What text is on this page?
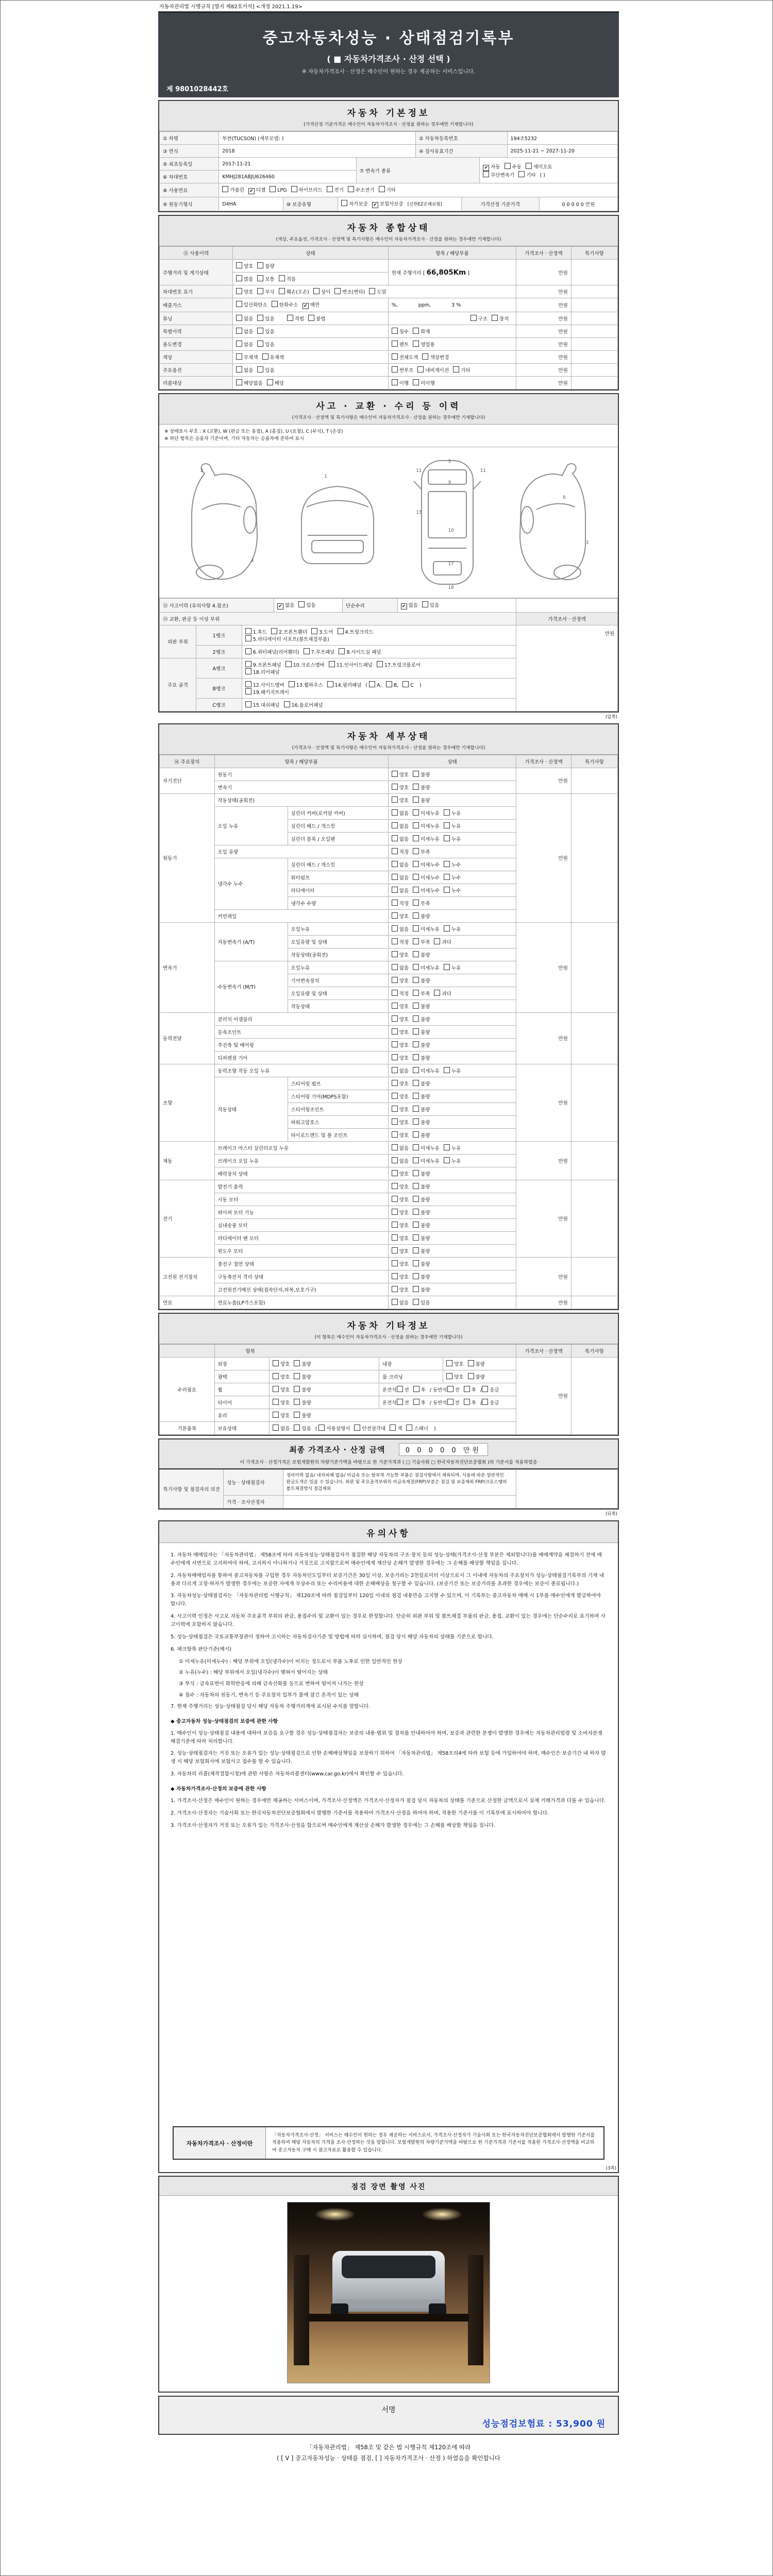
자동차관리법 시행규칙 [별지 제82호서식] <개정 2021.1.19>
중고자동차성능 · 상태점검기록부
( ■ 자동차가격조사 · 산정 선택 )
※ 자동차가격조사 · 산정은 매수인이 원하는 경우 제공하는 서비스입니다.
제 9801028442호
자동차 기본정보
(가격산정 기준가격은 매수인이 자동차가격조사 · 산정을 원하는 경우에만 기재합니다)
① 차명	투싼(TUCSON) (세부모델: )				② 자동차등록번호			194조5232	
③ 연식	2018				④ 검사유효기간			2025-11-21 ~ 2027-11-20	
⑤ 최초등록일	2017-11-21			⑦ 변속기 종류			✔ 자동 수동 세미오토
무단변속기 기타 ( )		
⑥ 차대번호	KMHJ281ABJU626460								
⑧ 사용연료	가솔린 ✔ 디젤 LPG 하이브리드 전기 수소전기 기타								
⑨ 원동기형식	D4HA	⑩ 보증유형	자가보증 ✔ 보험사보증 [신한EZ손해보험]			가격산정 기준가격			0 0 0 0 0 만원
자동차 종합상태
(색상, 주요옵션, 가격조사 · 산정액 및 특기사항은 매수인이 자동차가격조사 · 산정을 원하는 경우에만 기재합니다)
⑪ 사용이력	상태	항목 / 해당부품	가격조사 · 산정액	특기사항
주행거리 및 계기상태	양호 불량	현재 주행거리 [ 66,805Km ]	만원	
	많음 보통 적음			
차대번호 표기	양호 부식 훼손(오손) 상이 변조(변타) 도말		만원	
배출가스	일산화탄소 탄화수소 ✔ 매연	%, ppm, 3 %	만원	
튜닝	없음 있음 적법 불법	구조 장치	만원	
특별이력	없음 있음	침수 화재	만원	
용도변경	없음 있음	렌트 영업용	만원	
색상	무채색 유채색	전체도색 색상변경	만원	
주요옵션	없음 있음	썬루프 네비게이션 기타	만원	
리콜대상	해당없음 해당	이행 미이행	만원	
사고 · 교환 · 수리 등 이력
(가격조사 · 산정액 및 특기사항은 매수인이 자동차가격조사 · 산정을 원하는 경우에만 기재합니다)
※ 상태표시 부호 : X (교환), W (판금 또는 용접), A (흠집), U (요철), C (부식), T (손상)
※ 하단 항목은 승용차 기준이며, 기타 자동차는 승용차에 준하여 표시
2
4
1
11
5
11
9
13
10
17
18
6
3
⑫ 사고이력 (유의사항 4.참조)			✔ 없음 있음	단순수리	✔ 없음 있음	
⑬ 교환, 판금 등 이상 부위						가격조사 · 산정액
외판 부위	1랭크	1.후드 2.프론트휀더 3.도어 4.트렁크리드
5.라디에이터 서포트(볼트체결부품)				만원
	2랭크	6.쿼터패널(리어휀더) 7.루프패널 8.사이드실 패널				
주요 골격	A랭크	9.프론트패널 10.크로스멤버 11.인사이드패널 17.트렁크플로어
18.리어패널				
	B랭크	12.사이드멤버 13.휠하우스 14.필러패널 ( A, B, C )
19.패키지트레이				
	C랭크	15.대쉬패널 16.플로어패널				
(앞쪽)
자동차 세부상태
(가격조사 · 산정액 및 특기사항은 매수인이 자동차가격조사 · 산정을 원하는 경우에만 기재합니다)
⑭ 주요장치	항목 / 해당부품		상태	가격조사 · 산정액	특기사항
자기진단	원동기		양호 불량	만원	
	변속기		양호 불량		
원동기	작동상태(공회전)		양호 불량	만원	
	오일 누유	실린더 커버(로커암 커버)	없음 미세누유 누유		
		실린더 헤드 / 개스킷	없음 미세누유 누유		
		실린더 블록 / 오일팬	없음 미세누유 누유		
	오일 유량		적정 부족		
	냉각수 누수	실린더 헤드 / 개스킷	없음 미세누수 누수		
		워터펌프	없음 미세누수 누수		
		라디에이터	없음 미세누수 누수		
		냉각수 수량	적정 부족		
	커먼레일		양호 불량		
변속기	자동변속기 (A/T)	오일누유	없음 미세누유 누유	만원	
		오일유량 및 상태	적정 부족 과다		
		작동상태(공회전)	양호 불량		
	수동변속기 (M/T)	오일누유	없음 미세누유 누유		
		기어변속장치	양호 불량		
		오일유량 및 상태	적정 부족 과다		
		작동상태	양호 불량		
동력전달	클러치 어셈블리		양호 불량	만원	
	등속조인트		양호 불량		
	추진축 및 베어링		양호 불량		
	디퍼렌셜 기어		양호 불량		
조향	동력조향 작동 오일 누유		없음 미세누유 누유	만원	
	작동상태	스티어링 펌프	양호 불량		
		스티어링 기어(MDPS포함)	양호 불량		
		스티어링조인트	양호 불량		
		파워고압호스	양호 불량		
		타이로드엔드 및 볼 조인트	양호 불량		
제동	브레이크 마스터 실린더오일 누유		없음 미세누유 누유	만원	
	브레이크 오일 누유		없음 미세누유 누유		
	배력장치 상태		양호 불량		
전기	발전기 출력		양호 불량	만원	
	시동 모터		양호 불량		
	와이퍼 모터 기능		양호 불량		
	실내송풍 모터		양호 불량		
	라디에이터 팬 모터		양호 불량		
	윈도우 모터		양호 불량		
고전원 전기장치	충전구 절연 상태		양호 불량	만원	
	구동축전지 격리 상태		양호 불량		
	고전원전기배선 상태(접속단자,피복,보호기구)		양호 불량		
연료	연료누출(LP가스포함)		없음 있음	만원	
자동차 기타정보
(이 항목은 매수인이 자동차가격조사 · 산정을 원하는 경우에만 기재합니다)
	항목				가격조사 · 산정액	특기사항
수리필요	외장	양호 불량	내장	양호 불량	만원	
	광택	양호 불량	룸 크리닝	양호 불량		
	휠	양호 불량	운전석 전 후 / 동반석 전 후 / 응급			
	타이어	양호 불량	운전석 전 후 / 동반석 전 후 / 응급			
	유리	양호 불량				
기본품목	보유상태	없음 있음 ( 사용설명서 안전삼각대 잭 스패너 )				
최종 가격조사 · 산정 금액	0 0 0 0 0 만원
이 가격조사 · 산정가격은 보험개발원의 차량기준가액을 바탕으로 한 기준가격과 ( □ 기술사회 □ 한국자동차진단보증협회 )의 기준서를 적용하였음
특기사항 및 점검자의 의견	성능 · 상태점검자	정비이력 없음/ 내차피해 없음/ 비금속 또는 탈부착 가능한 부품은 점검사항에서 제외되며, 사용에 따른 일반적인 판금도색은 있을 수 있습니다. 외판 및 주요골격부위의 비금속재질(FRP)부분은 점검 및 보증제외 FRP/크로스멤버 볼트체결방식 점검제외	
	가격 · 조사산정자		
(뒤쪽)
유의사항
1. 자동차 매매업자는 「자동차관리법」 제58조에 따라 자동차성능·상태점검자가 점검한 해당 자동차의 구조·장치 등의 성능·상태(가격조사·산정 부분은 제외합니다)를 매매계약을 체결하기 전에 매수인에게 서면으로 고지하여야 하며, 고지하지 아니하거나 거짓으로 고지함으로써 매수인에게 재산상 손해가 발생한 경우에는 그 손해를 배상할 책임을 집니다.
2. 자동차매매업자를 통하여 중고자동차를 구입한 경우 자동차인도일부터 보증기간은 30일 이상, 보증거리는 2천킬로미터 이상으로서 그 이내에 자동차의 주요장치가 성능·상태점검기록부의 기재 내용과 다르게 고장·하자가 발생한 경우에는 보증한 자에게 무상수리 또는 수리비용에 대한 손해배상을 청구할 수 있습니다. (보증기간 또는 보증거리를 초과한 경우에는 보증이 종료됩니다.)
3. 자동차성능·상태점검자는 「자동차관리법 시행규칙」 제120조에 따라 점검일부터 120일 이내의 점검 내용만을 고지할 수 있으며, 이 기록부는 중고자동차 매매 시 1부를 매수인에게 발급하여야 합니다.
4. 사고이력 인정은 사고로 자동차 주요골격 부위의 판금, 용접수리 및 교환이 있는 경우로 한정합니다. 단순히 외판 부위 및 볼트체결 부품의 판금, 용접, 교환이 있는 경우에는 단순수리로 표기하며 사고이력에 포함하지 않습니다.
5. 성능·상태점검은 국토교통부장관이 정하여 고시하는 자동차검사기준 및 방법에 따라 실시하며, 점검 당시 해당 자동차의 상태를 기준으로 합니다.
6. 체크항목 판단기준(예시)
① 미세누유(미세누수) : 해당 부위에 오일(냉각수)이 비치는 정도로서 부품 노후로 인한 일반적인 현상
② 누유(누수) : 해당 부위에서 오일(냉각수)이 맺혀서 떨어지는 상태
③ 부식 : 금속표면이 화학반응에 의해 금속산화물 등으로 변하여 떨어져 나가는 현상
④ 침수 : 자동차의 원동기, 변속기 등 주요장치 일부가 물에 잠긴 흔적이 있는 상태
7. 현재 주행거리는 성능·상태점검 당시 해당 자동차 주행거리계에 표시된 수치를 말합니다.
◆ 중고자동차 성능·상태점검의 보증에 관한 사항
1. 매수인이 성능·상태점검 내용에 대하여 보증을 요구할 경우 성능·상태점검자는 보증의 내용·범위 및 절차를 안내하여야 하며, 보증과 관련한 분쟁이 발생한 경우에는 자동차관리법령 및 소비자분쟁해결기준에 따라 처리합니다.
2. 성능·상태점검자는 거짓 또는 오류가 있는 성능·상태점검으로 인한 손해배상책임을 보장하기 위하여 「자동차관리법」 제58조의4에 따라 보험 등에 가입하여야 하며, 매수인은 보증기간 내 하자 발생 시 해당 보험회사에 보험사고 접수를 할 수 있습니다.
3. 자동차의 리콜(제작결함시정)에 관한 사항은 자동차리콜센터(www.car.go.kr)에서 확인할 수 있습니다.
◆ 자동차가격조사·산정의 보증에 관한 사항
1. 가격조사·산정은 매수인이 원하는 경우에만 제공하는 서비스이며, 가격조사·산정액은 가격조사·산정자가 점검 당시 자동차의 상태를 기준으로 산정한 금액으로서 실제 거래가격과 다를 수 있습니다.
2. 가격조사·산정자는 기술사회 또는 한국자동차진단보증협회에서 발행한 기준서를 적용하여 가격조사·산정을 하여야 하며, 적용한 기준서를 이 기록부에 표시하여야 합니다.
3. 가격조사·산정자가 거짓 또는 오류가 있는 가격조사·산정을 함으로써 매수인에게 재산상 손해가 발생한 경우에는 그 손해를 배상할 책임을 집니다.
자동차가격조사 · 산정이란
「자동차가격조사·산정」 서비스는 매수인이 원하는 경우 제공하는 서비스로서, 가격조사·산정자가 기술사회 또는 한국자동차진단보증협회에서 발행한 기준서를 적용하여 해당 자동차의 가격을 조사·산정하는 것을 말합니다. 보험개발원의 차량기준가액을 바탕으로 한 기준가격과 기준서를 적용한 가격조사·산정액을 비교하여 중고자동차 구매 시 참고자료로 활용할 수 있습니다.
(3쪽)
점검 장면 촬영 사진
서명
성능점검보험료 : 53,900 원
「자동차관리법」 제58조 및 같은 법 시행규칙 제120조에 따라
( [ V ] 중고자동차성능 · 상태를 점검, [ ] 자동차가격조사 · 산정 ) 하였음을 확인합니다
